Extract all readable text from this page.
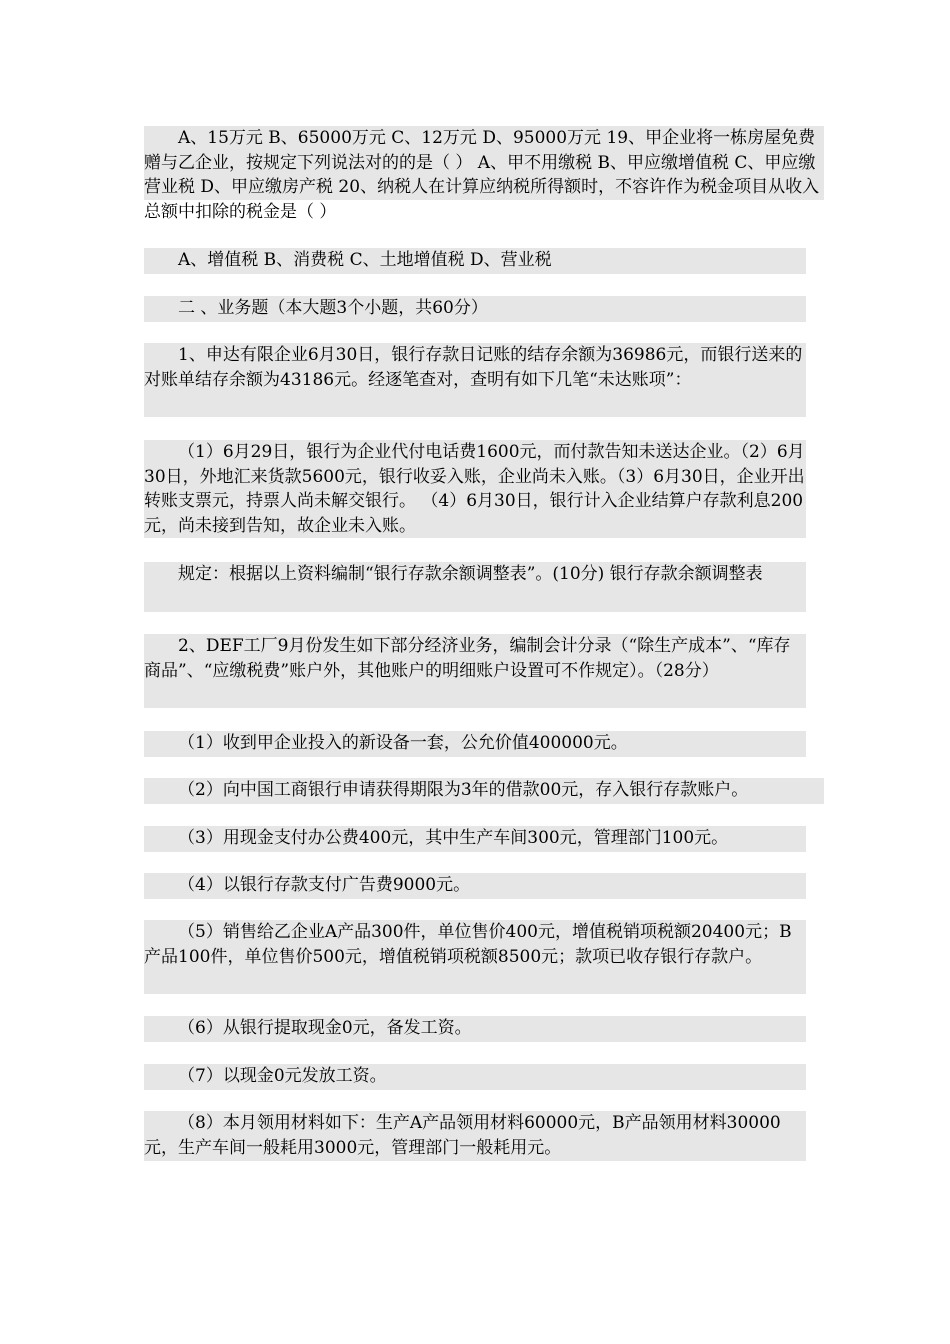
A、15万元 B、65000万元 C、12万元 D、95000万元 19、甲企业将一栋房屋免费赠与乙企业，按规定下列说法对的的是（ ） A、甲不用缴税 B、甲应缴增值税 C、甲应缴营业税 D、甲应缴房产税 20、纳税人在计算应纳税所得额时，不容许作为税金项目从收入总额中扣除的税金是（ ）

A、增值税 B、消费税 C、土地增值税 D、营业税

二 、业务题（本大题3个小题，共60分）

1、申达有限企业6月30日，银行存款日记账的结存余额为36986元，而银行送来的对账单结存余额为43186元。经逐笔查对，查明有如下几笔“未达账项”：

（1）6月29日，银行为企业代付电话费1600元，而付款告知未送达企业。（2）6月30日，外地汇来货款5600元，银行收妥入账，企业尚未入账。（3）6月30日，企业开出转账支票元，持票人尚未解交银行。 （4）6月30日，银行计入企业结算户存款利息200元，尚未接到告知，故企业未入账。

规定：根据以上资料编制“银行存款余额调整表”。(10分) 银行存款余额调整表

2、DEF工厂9月份发生如下部分经济业务，编制会计分录（“除生产成本”、“库存商品”、“应缴税费”账户外，其他账户的明细账户设置可不作规定）。（28分）

（1）收到甲企业投入的新设备一套，公允价值400000元。

（2）向中国工商银行申请获得期限为3年的借款00元，存入银行存款账户。

（3）用现金支付办公费400元，其中生产车间300元，管理部门100元。

（4）以银行存款支付广告费9000元。

（5）销售给乙企业A产品300件，单位售价400元，增值税销项税额20400元；B产品100件，单位售价500元，增值税销项税额8500元；款项已收存银行存款户。

（6）从银行提取现金0元，备发工资。

（7）以现金0元发放工资。

（8）本月领用材料如下：生产A产品领用材料60000元，B产品领用材料30000元，生产车间一般耗用3000元，管理部门一般耗用元。
